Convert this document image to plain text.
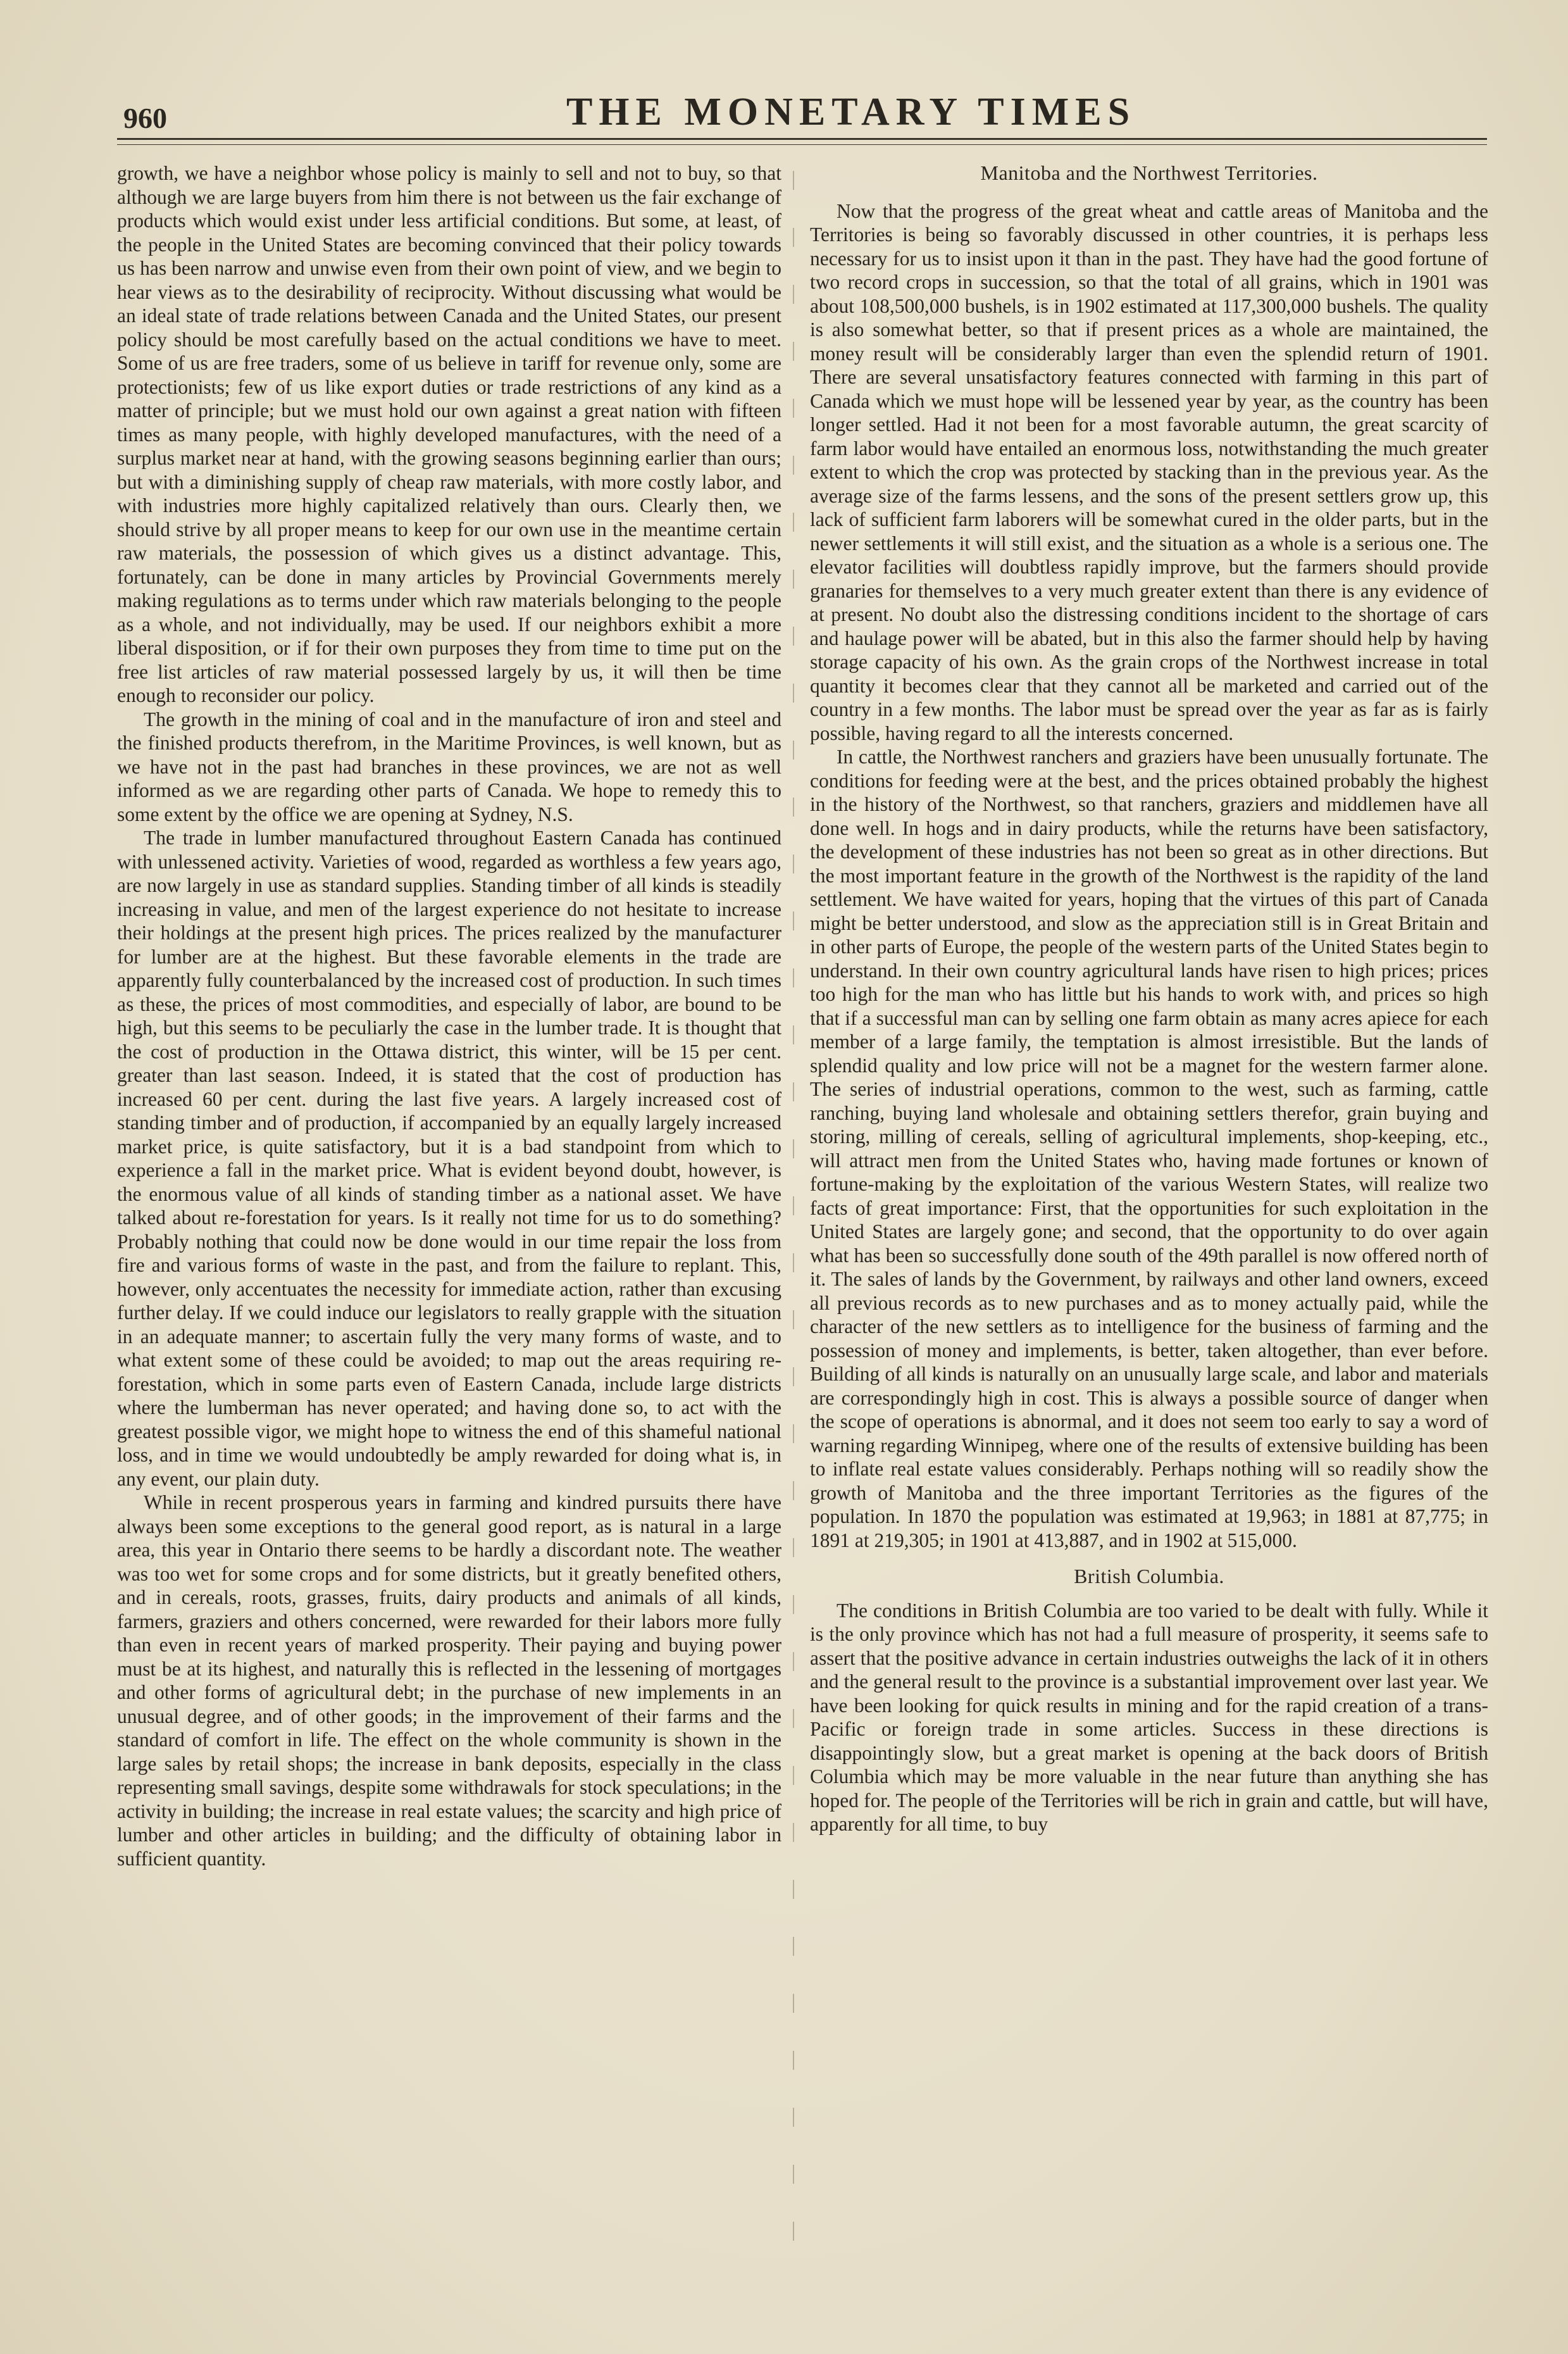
960	THE MONETARY TIMES

growth, we have a neighbor whose policy is mainly to sell and not to buy, so that although we are large buyers from him there is not between us the fair exchange of products which would exist under less artificial conditions. But some, at least, of the people in the United States are becoming convinced that their policy towards us has been narrow and unwise even from their own point of view, and we begin to hear views as to the desirability of reciprocity. Without discussing what would be an ideal state of trade relations between Canada and the United States, our present policy should be most carefully based on the actual conditions we have to meet. Some of us are free traders, some of us believe in tariff for revenue only, some are protectionists; few of us like export duties or trade restrictions of any kind as a matter of principle; but we must hold our own against a great nation with fifteen times as many people, with highly developed manufactures, with the need of a surplus market near at hand, with the growing seasons beginning earlier than ours; but with a diminishing supply of cheap raw materials, with more costly labor, and with industries more highly capitalized relatively than ours. Clearly then, we should strive by all proper means to keep for our own use in the meantime certain raw materials, the possession of which gives us a distinct advantage. This, fortunately, can be done in many articles by Provincial Governments merely making regulations as to terms under which raw materials belonging to the people as a whole, and not individually, may be used. If our neighbors exhibit a more liberal disposition, or if for their own purposes they from time to time put on the free list articles of raw material possessed largely by us, it will then be time enough to reconsider our policy.

The growth in the mining of coal and in the manufacture of iron and steel and the finished products therefrom, in the Maritime Provinces, is well known, but as we have not in the past had branches in these provinces, we are not as well informed as we are regarding other parts of Canada. We hope to remedy this to some extent by the office we are opening at Sydney, N.S.

The trade in lumber manufactured throughout Eastern Canada has continued with unlessened activity. Varieties of wood, regarded as worthless a few years ago, are now largely in use as standard supplies. Standing timber of all kinds is steadily increasing in value, and men of the largest experience do not hesitate to increase their holdings at the present high prices. The prices realized by the manufacturer for lumber are at the highest. But these favorable elements in the trade are apparently fully counterbalanced by the increased cost of production. In such times as these, the prices of most commodities, and especially of labor, are bound to be high, but this seems to be peculiarly the case in the lumber trade. It is thought that the cost of production in the Ottawa district, this winter, will be 15 per cent. greater than last season. Indeed, it is stated that the cost of production has increased 60 per cent. during the last five years. A largely increased cost of standing timber and of production, if accompanied by an equally largely increased market price, is quite satisfactory, but it is a bad standpoint from which to experience a fall in the market price. What is evident beyond doubt, however, is the enormous value of all kinds of standing timber as a national asset. We have talked about re-forestation for years. Is it really not time for us to do something? Probably nothing that could now be done would in our time repair the loss from fire and various forms of waste in the past, and from the failure to replant. This, however, only accentuates the necessity for immediate action, rather than excusing further delay. If we could induce our legislators to really grapple with the situation in an adequate manner; to ascertain fully the very many forms of waste, and to what extent some of these could be avoided; to map out the areas requiring re-forestation, which in some parts even of Eastern Canada, include large districts where the lumberman has never operated; and having done so, to act with the greatest possible vigor, we might hope to witness the end of this shameful national loss, and in time we would undoubtedly be amply rewarded for doing what is, in any event, our plain duty.

While in recent prosperous years in farming and kindred pursuits there have always been some exceptions to the general good report, as is natural in a large area, this year in Ontario there seems to be hardly a discordant note. The weather was too wet for some crops and for some districts, but it greatly benefited others, and in cereals, roots, grasses, fruits, dairy products and animals of all kinds, farmers, graziers and others concerned, were rewarded for their labors more fully than even in recent years of marked prosperity. Their paying and buying power must be at its highest, and naturally this is reflected in the lessening of mortgages and other forms of agricultural debt; in the purchase of new implements in an unusual degree, and of other goods; in the improvement of their farms and the standard of comfort in life. The effect on the whole community is shown in the large sales by retail shops; the increase in bank deposits, especially in the class representing small savings, despite some withdrawals for stock speculations; in the activity in building; the increase in real estate values; the scarcity and high price of lumber and other articles in building; and the difficulty of obtaining labor in sufficient quantity.

Manitoba and the Northwest Territories.

Now that the progress of the great wheat and cattle areas of Manitoba and the Territories is being so favorably discussed in other countries, it is perhaps less necessary for us to insist upon it than in the past. They have had the good fortune of two record crops in succession, so that the total of all grains, which in 1901 was about 108,500,000 bushels, is in 1902 estimated at 117,300,000 bushels. The quality is also somewhat better, so that if present prices as a whole are maintained, the money result will be considerably larger than even the splendid return of 1901. There are several unsatisfactory features connected with farming in this part of Canada which we must hope will be lessened year by year, as the country has been longer settled. Had it not been for a most favorable autumn, the great scarcity of farm labor would have entailed an enormous loss, notwithstanding the much greater extent to which the crop was protected by stacking than in the previous year. As the average size of the farms lessens, and the sons of the present settlers grow up, this lack of sufficient farm laborers will be somewhat cured in the older parts, but in the newer settlements it will still exist, and the situation as a whole is a serious one. The elevator facilities will doubtless rapidly improve, but the farmers should provide granaries for themselves to a very much greater extent than there is any evidence of at present. No doubt also the distressing conditions incident to the shortage of cars and haulage power will be abated, but in this also the farmer should help by having storage capacity of his own. As the grain crops of the Northwest increase in total quantity it becomes clear that they cannot all be marketed and carried out of the country in a few months. The labor must be spread over the year as far as is fairly possible, having regard to all the interests concerned.

In cattle, the Northwest ranchers and graziers have been unusually fortunate. The conditions for feeding were at the best, and the prices obtained probably the highest in the history of the Northwest, so that ranchers, graziers and middlemen have all done well. In hogs and in dairy products, while the returns have been satisfactory, the development of these industries has not been so great as in other directions. But the most important feature in the growth of the Northwest is the rapidity of the land settlement. We have waited for years, hoping that the virtues of this part of Canada might be better understood, and slow as the appreciation still is in Great Britain and in other parts of Europe, the people of the western parts of the United States begin to understand. In their own country agricultural lands have risen to high prices; prices too high for the man who has little but his hands to work with, and prices so high that if a successful man can by selling one farm obtain as many acres apiece for each member of a large family, the temptation is almost irresistible. But the lands of splendid quality and low price will not be a magnet for the western farmer alone. The series of industrial operations, common to the west, such as farming, cattle ranching, buying land wholesale and obtaining settlers therefor, grain buying and storing, milling of cereals, selling of agricultural implements, shop-keeping, etc., will attract men from the United States who, having made fortunes or known of fortune-making by the exploitation of the various Western States, will realize two facts of great importance: First, that the opportunities for such exploitation in the United States are largely gone; and second, that the opportunity to do over again what has been so successfully done south of the 49th parallel is now offered north of it. The sales of lands by the Government, by railways and other land owners, exceed all previous records as to new purchases and as to money actually paid, while the character of the new settlers as to intelligence for the business of farming and the possession of money and implements, is better, taken altogether, than ever before. Building of all kinds is naturally on an unusually large scale, and labor and materials are correspondingly high in cost. This is always a possible source of danger when the scope of operations is abnormal, and it does not seem too early to say a word of warning regarding Winnipeg, where one of the results of extensive building has been to inflate real estate values considerably. Perhaps nothing will so readily show the growth of Manitoba and the three important Territories as the figures of the population. In 1870 the population was estimated at 19,963; in 1881 at 87,775; in 1891 at 219,305; in 1901 at 413,887, and in 1902 at 515,000.

British Columbia.

The conditions in British Columbia are too varied to be dealt with fully. While it is the only province which has not had a full measure of prosperity, it seems safe to assert that the positive advance in certain industries outweighs the lack of it in others and the general result to the province is a substantial improvement over last year. We have been looking for quick results in mining and for the rapid creation of a trans-Pacific or foreign trade in some articles. Success in these directions is disappointingly slow, but a great market is opening at the back doors of British Columbia which may be more valuable in the near future than anything she has hoped for. The people of the Territories will be rich in grain and cattle, but will have, apparently for all time, to buy
